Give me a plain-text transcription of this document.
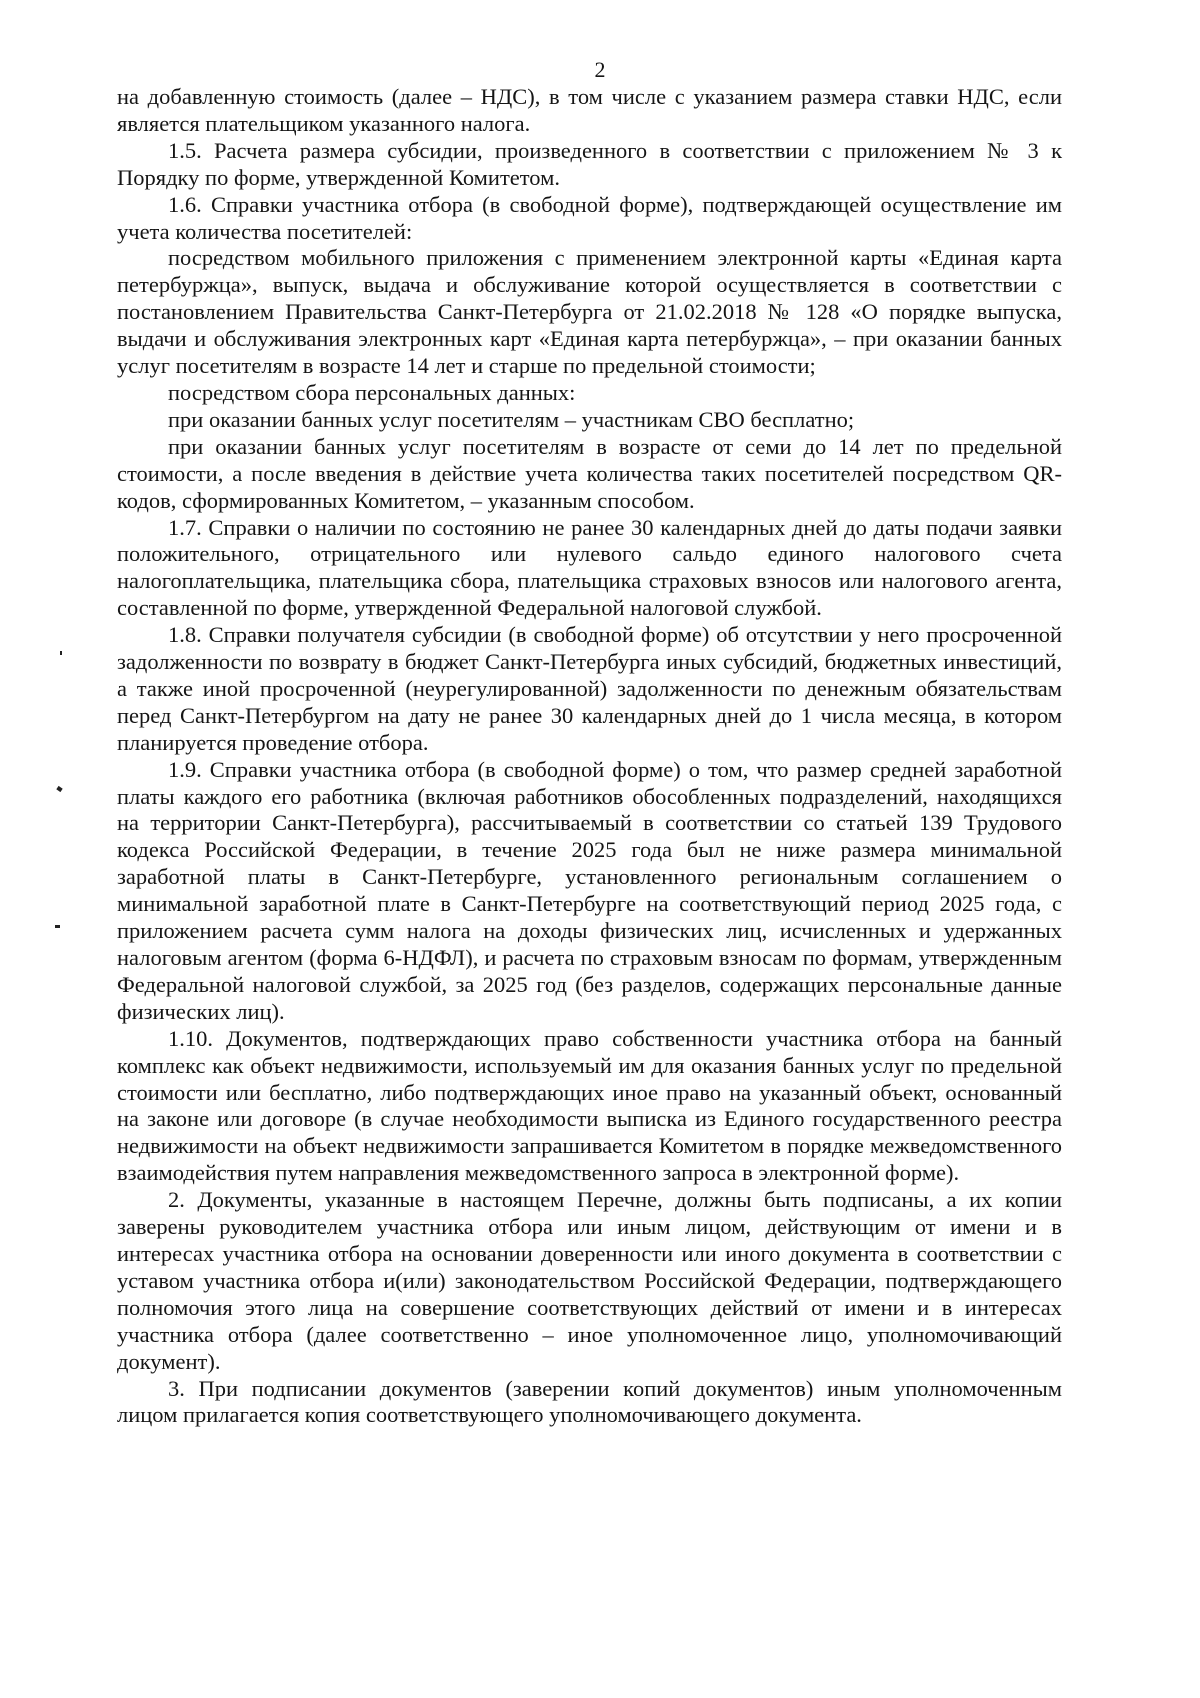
2

на добавленную стоимость (далее – НДС), в том числе с указанием размера ставки НДС, если является плательщиком указанного налога.

1.5. Расчета размера субсидии, произведенного в соответствии с приложением № 3 к Порядку по форме, утвержденной Комитетом.

1.6. Справки участника отбора (в свободной форме), подтверждающей осуществление им учета количества посетителей:

посредством мобильного приложения с применением электронной карты «Единая карта петербуржца», выпуск, выдача и обслуживание которой осуществляется в соответствии с постановлением Правительства Санкт-Петербурга от 21.02.2018 № 128 «О порядке выпуска, выдачи и обслуживания электронных карт «Единая карта петербуржца», – при оказании банных услуг посетителям в возрасте 14 лет и старше по предельной стоимости;

посредством сбора персональных данных:

при оказании банных услуг посетителям – участникам СВО бесплатно;

при оказании банных услуг посетителям в возрасте от семи до 14 лет по предельной стоимости, а после введения в действие учета количества таких посетителей посредством QR-кодов, сформированных Комитетом, – указанным способом.

1.7. Справки о наличии по состоянию не ранее 30 календарных дней до даты подачи заявки положительного, отрицательного или нулевого сальдо единого налогового счета налогоплательщика, плательщика сбора, плательщика страховых взносов или налогового агента, составленной по форме, утвержденной Федеральной налоговой службой.

1.8. Справки получателя субсидии (в свободной форме) об отсутствии у него просроченной задолженности по возврату в бюджет Санкт-Петербурга иных субсидий, бюджетных инвестиций, а также иной просроченной (неурегулированной) задолженности по денежным обязательствам перед Санкт-Петербургом на дату не ранее 30 календарных дней до 1 числа месяца, в котором планируется проведение отбора.

1.9. Справки участника отбора (в свободной форме) о том, что размер средней заработной платы каждого его работника (включая работников обособленных подразделений, находящихся на территории Санкт-Петербурга), рассчитываемый в соответствии со статьей 139 Трудового кодекса Российской Федерации, в течение 2025 года был не ниже размера минимальной заработной платы в Санкт-Петербурге, установленного региональным соглашением о минимальной заработной плате в Санкт-Петербурге на соответствующий период 2025 года, с приложением расчета сумм налога на доходы физических лиц, исчисленных и удержанных налоговым агентом (форма 6-НДФЛ), и расчета по страховым взносам по формам, утвержденным Федеральной налоговой службой, за 2025 год (без разделов, содержащих персональные данные физических лиц).

1.10. Документов, подтверждающих право собственности участника отбора на банный комплекс как объект недвижимости, используемый им для оказания банных услуг по предельной стоимости или бесплатно, либо подтверждающих иное право на указанный объект, основанный на законе или договоре (в случае необходимости выписка из Единого государственного реестра недвижимости на объект недвижимости запрашивается Комитетом в порядке межведомственного взаимодействия путем направления межведомственного запроса в электронной форме).

2. Документы, указанные в настоящем Перечне, должны быть подписаны, а их копии заверены руководителем участника отбора или иным лицом, действующим от имени и в интересах участника отбора на основании доверенности или иного документа в соответствии с уставом участника отбора и(или) законодательством Российской Федерации, подтверждающего полномочия этого лица на совершение соответствующих действий от имени и в интересах участника отбора (далее соответственно – иное уполномоченное лицо, уполномочивающий документ).

3. При подписании документов (заверении копий документов) иным уполномоченным лицом прилагается копия соответствующего уполномочивающего документа.
